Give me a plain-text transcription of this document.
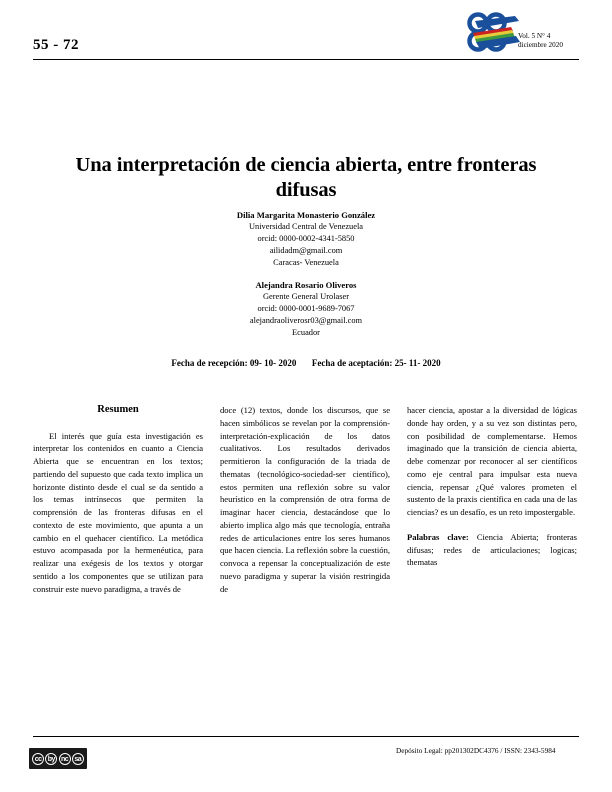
55 - 72
Vol. 5 N° 4
diciembre 2020
Una interpretación de ciencia abierta, entre fronteras difusas
Dilia Margarita Monasterio González
Universidad Central de Venezuela
orcid: 0000-0002-4341-5850
ailidadm@gmail.com
Caracas- Venezuela
Alejandra Rosario Oliveros
Gerente General Urolaser
orcid: 0000-0001-9689-7067
alejandraoliverosr03@gmail.com
Ecuador
Fecha de recepción: 09- 10- 2020 Fecha de aceptación: 25- 11- 2020
Resumen

El interés que guía esta investigación es interpretar los contenidos en cuanto a Ciencia Abierta que se encuentran en los textos; partiendo del supuesto que cada texto implica un horizonte distinto desde el cual se da sentido a los temas intrínsecos que permiten la comprensión de las fronteras difusas en el contexto de este movimiento, que apunta a un cambio en el quehacer científico. La metódica estuvo acompasada por la hermenéutica, para realizar una exégesis de los textos y otorgar sentido a los componentes que se utilizan para construir este nuevo paradigma, a través de

doce (12) textos, donde los discursos, que se hacen simbólicos se revelan por la comprensión-interpretación-explicación de los datos cualitativos. Los resultados derivados permitieron la configuración de la triada de thematas (tecnológico-sociedad-ser científico), estos permiten una reflexión sobre su valor heurístico en la comprensión de otra forma de imaginar hacer ciencia, destacándose que lo abierto implica algo más que tecnología, entraña redes de articulaciones entre los seres humanos que hacen ciencia. La reflexión sobre la cuestión, convoca a repensar la conceptualización de este nuevo paradigma y superar la visión restringida de

hacer ciencia, apostar a la diversidad de lógicas donde hay orden, y a su vez son distintas pero, con posibilidad de complementarse. Hemos imaginado que la transición de ciencia abierta, debe comenzar por reconocer al ser científicos como eje central para impulsar esta nueva ciencia, repensar ¿Qué valores prometen el sustento de la praxis científica en cada una de las ciencias? es un desafío, es un reto impostergable.

Palabras clave: Ciencia Abierta; fronteras difusas; redes de articulaciones; logicas; thematas

cc by nc sa
Depósito Legal: pp201302DC4376 / ISSN: 2343-5984
